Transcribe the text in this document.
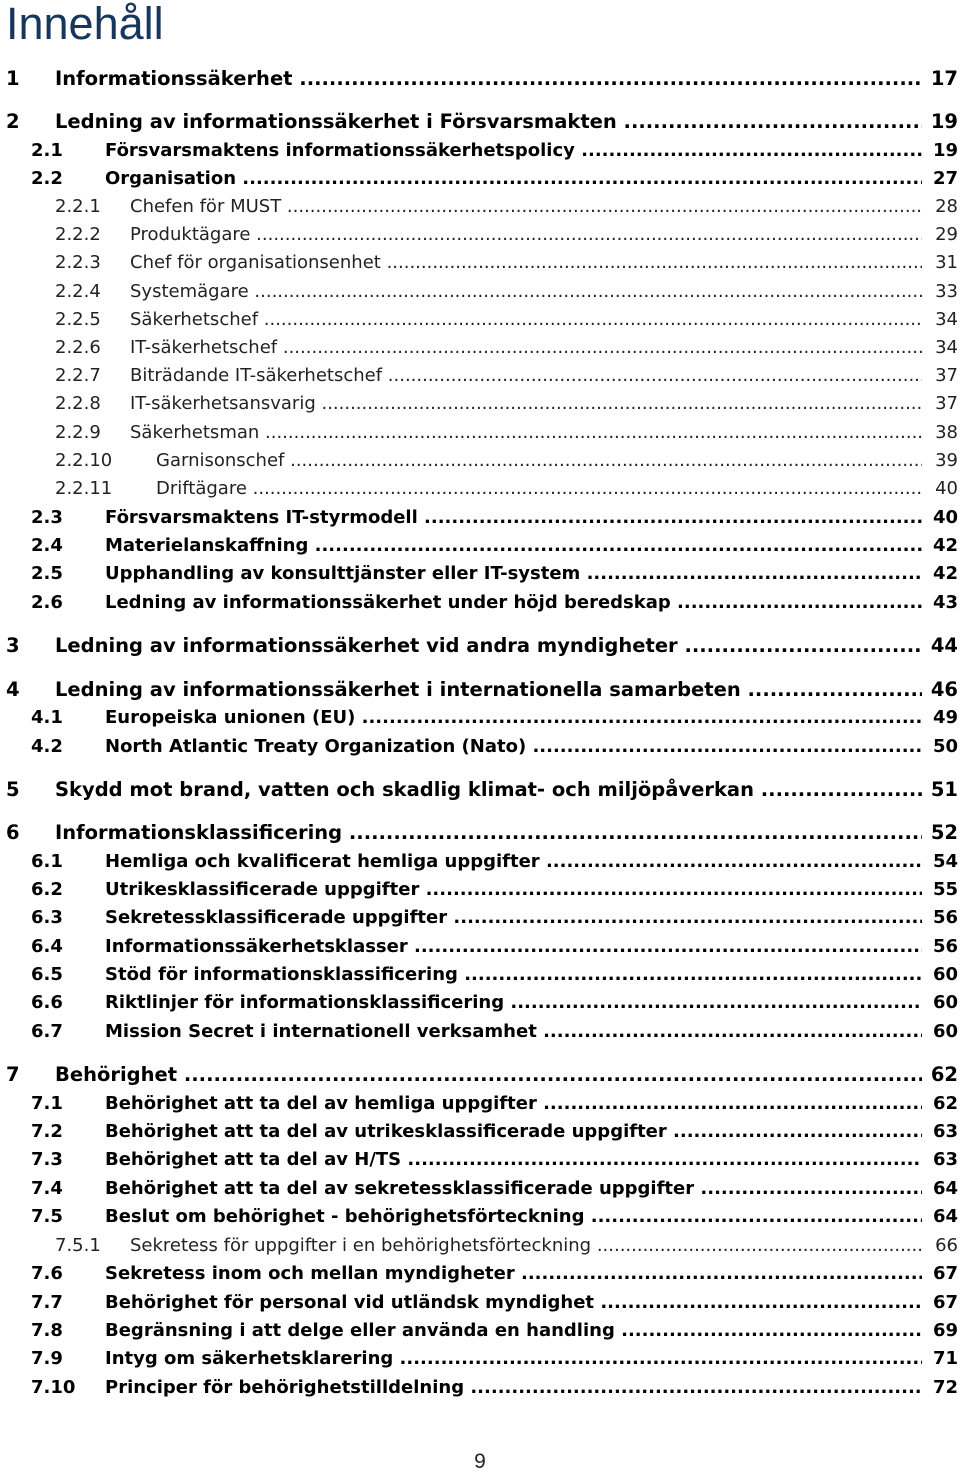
Innehåll
1 Informationssäkerhet .....	17
2 Ledning av informationssäkerhet i Försvarsmakten .....	19
2.1 Försvarsmaktens informationssäkerhetspolicy .....	19
2.2 Organisation .....	27
2.2.1 Chefen för MUST .....	28
2.2.2 Produktägare .....	29
2.2.3 Chef för organisationsenhet .....	31
2.2.4 Systemägare .....	33
2.2.5 Säkerhetschef .....	34
2.2.6 IT-säkerhetschef .....	34
2.2.7 Biträdande IT-säkerhetschef .....	37
2.2.8 IT-säkerhetsansvarig .....	37
2.2.9 Säkerhetsman .....	38
2.2.10 Garnisonschef .....	39
2.2.11 Driftägare .....	40
2.3 Försvarsmaktens IT-styrmodell .....	40
2.4 Materielanskaffning .....	42
2.5 Upphandling av konsulttjänster eller IT-system .....	42
2.6 Ledning av informationssäkerhet under höjd beredskap .....	43
3 Ledning av informationssäkerhet vid andra myndigheter .....	44
4 Ledning av informationssäkerhet i internationella samarbeten .....	46
4.1 Europeiska unionen (EU) .....	49
4.2 North Atlantic Treaty Organization (Nato) .....	50
5 Skydd mot brand, vatten och skadlig klimat- och miljöpåverkan .....	51
6 Informationsklassificering .....	52
6.1 Hemliga och kvalificerat hemliga uppgifter .....	54
6.2 Utrikesklassificerade uppgifter .....	55
6.3 Sekretessklassificerade uppgifter .....	56
6.4 Informationssäkerhetsklasser .....	56
6.5 Stöd för informationsklassificering .....	60
6.6 Riktlinjer för informationsklassificering .....	60
6.7 Mission Secret i internationell verksamhet .....	60
7 Behörighet .....	62
7.1 Behörighet att ta del av hemliga uppgifter .....	62
7.2 Behörighet att ta del av utrikesklassificerade uppgifter .....	63
7.3 Behörighet att ta del av H/TS .....	63
7.4 Behörighet att ta del av sekretessklassificerade uppgifter .....	64
7.5 Beslut om behörighet - behörighetsförteckning .....	64
7.5.1 Sekretess för uppgifter i en behörighetsförteckning .....	66
7.6 Sekretess inom och mellan myndigheter .....	67
7.7 Behörighet för personal vid utländsk myndighet .....	67
7.8 Begränsning i att delge eller använda en handling .....	69
7.9 Intyg om säkerhetsklarering .....	71
7.10 Principer för behörighetstilldelning .....	72
9
